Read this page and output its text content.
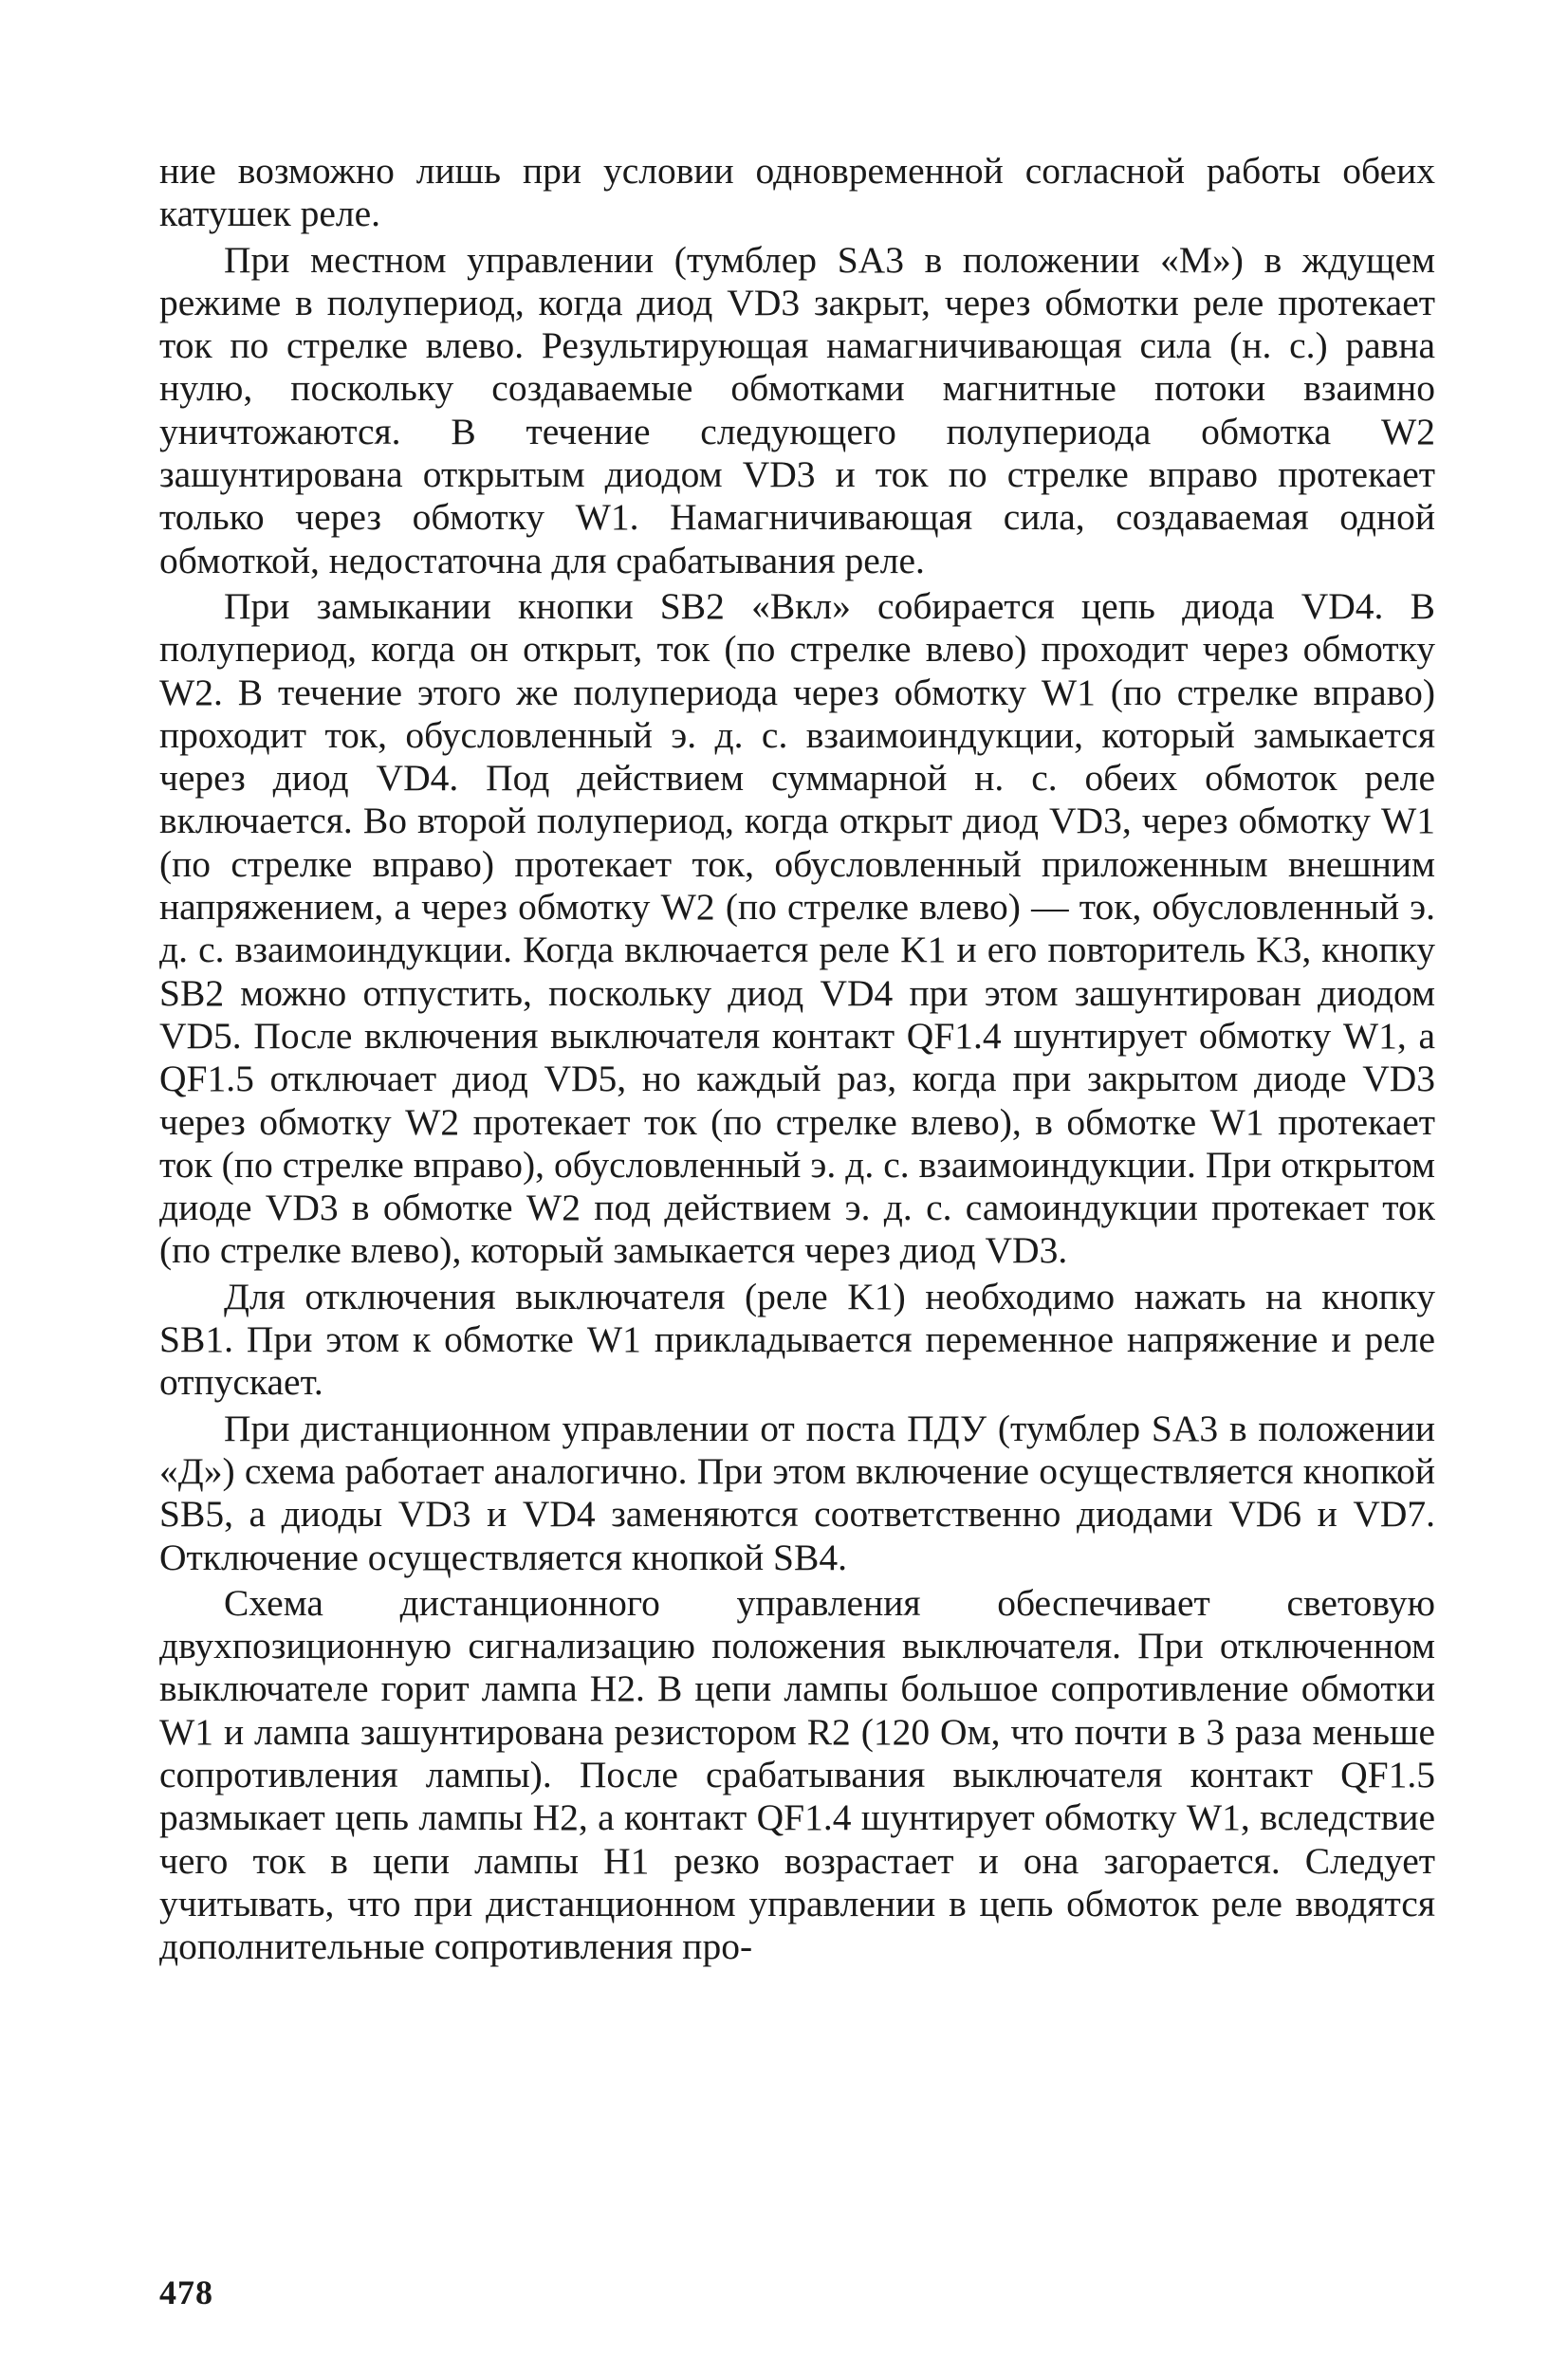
ние возможно лишь при условии одновременной согласной работы обеих катушек реле.

При местном управлении (тумблер SA3 в положении «М») в ждущем режиме в полупериод, когда диод VD3 закрыт, через обмотки реле протекает ток по стрелке влево. Результирующая намагничивающая сила (н. с.) равна нулю, поскольку создаваемые обмотками магнитные потоки взаимно уничтожаются. В течение следующего полупериода обмотка W2 зашунтирована открытым диодом VD3 и ток по стрелке вправо протекает только через обмотку W1. Намагничивающая сила, создаваемая одной обмоткой, недостаточна для срабатывания реле.

При замыкании кнопки SB2 «Вкл» собирается цепь диода VD4. В полупериод, когда он открыт, ток (по стрелке влево) проходит через обмотку W2. В течение этого же полупериода через обмотку W1 (по стрелке вправо) проходит ток, обусловленный э. д. с. взаимоиндукции, который замыкается через диод VD4. Под действием суммарной н. с. обеих обмоток реле включается. Во второй полупериод, когда открыт диод VD3, через обмотку W1 (по стрелке вправо) протекает ток, обусловленный приложенным внешним напряжением, а через обмотку W2 (по стрелке влево) — ток, обусловленный э. д. с. взаимоиндукции. Когда включается реле K1 и его повторитель K3, кнопку SB2 можно отпустить, поскольку диод VD4 при этом зашунтирован диодом VD5. После включения выключателя контакт QF1.4 шунтирует обмотку W1, а QF1.5 отключает диод VD5, но каждый раз, когда при закрытом диоде VD3 через обмотку W2 протекает ток (по стрелке влево), в обмотке W1 протекает ток (по стрелке вправо), обусловленный э. д. с. взаимоиндукции. При открытом диоде VD3 в обмотке W2 под действием э. д. с. самоиндукции протекает ток (по стрелке влево), который замыкается через диод VD3.

Для отключения выключателя (реле K1) необходимо нажать на кнопку SB1. При этом к обмотке W1 прикладывается переменное напряжение и реле отпускает.

При дистанционном управлении от поста ПДУ (тумблер SA3 в положении «Д») схема работает аналогично. При этом включение осуществляется кнопкой SB5, а диоды VD3 и VD4 заменяются соответственно диодами VD6 и VD7. Отключение осуществляется кнопкой SB4.

Схема дистанционного управления обеспечивает световую двухпозиционную сигнализацию положения выключателя. При отключенном выключателе горит лампа H2. В цепи лампы большое сопротивление обмотки W1 и лампа зашунтирована резистором R2 (120 Ом, что почти в 3 раза меньше сопротивления лампы). После срабатывания выключателя контакт QF1.5 размыкает цепь лампы H2, а контакт QF1.4 шунтирует обмотку W1, вследствие чего ток в цепи лампы H1 резко возрастает и она загорается. Следует учитывать, что при дистанционном управлении в цепь обмоток реле вводятся дополнительные сопротивления про-

478
